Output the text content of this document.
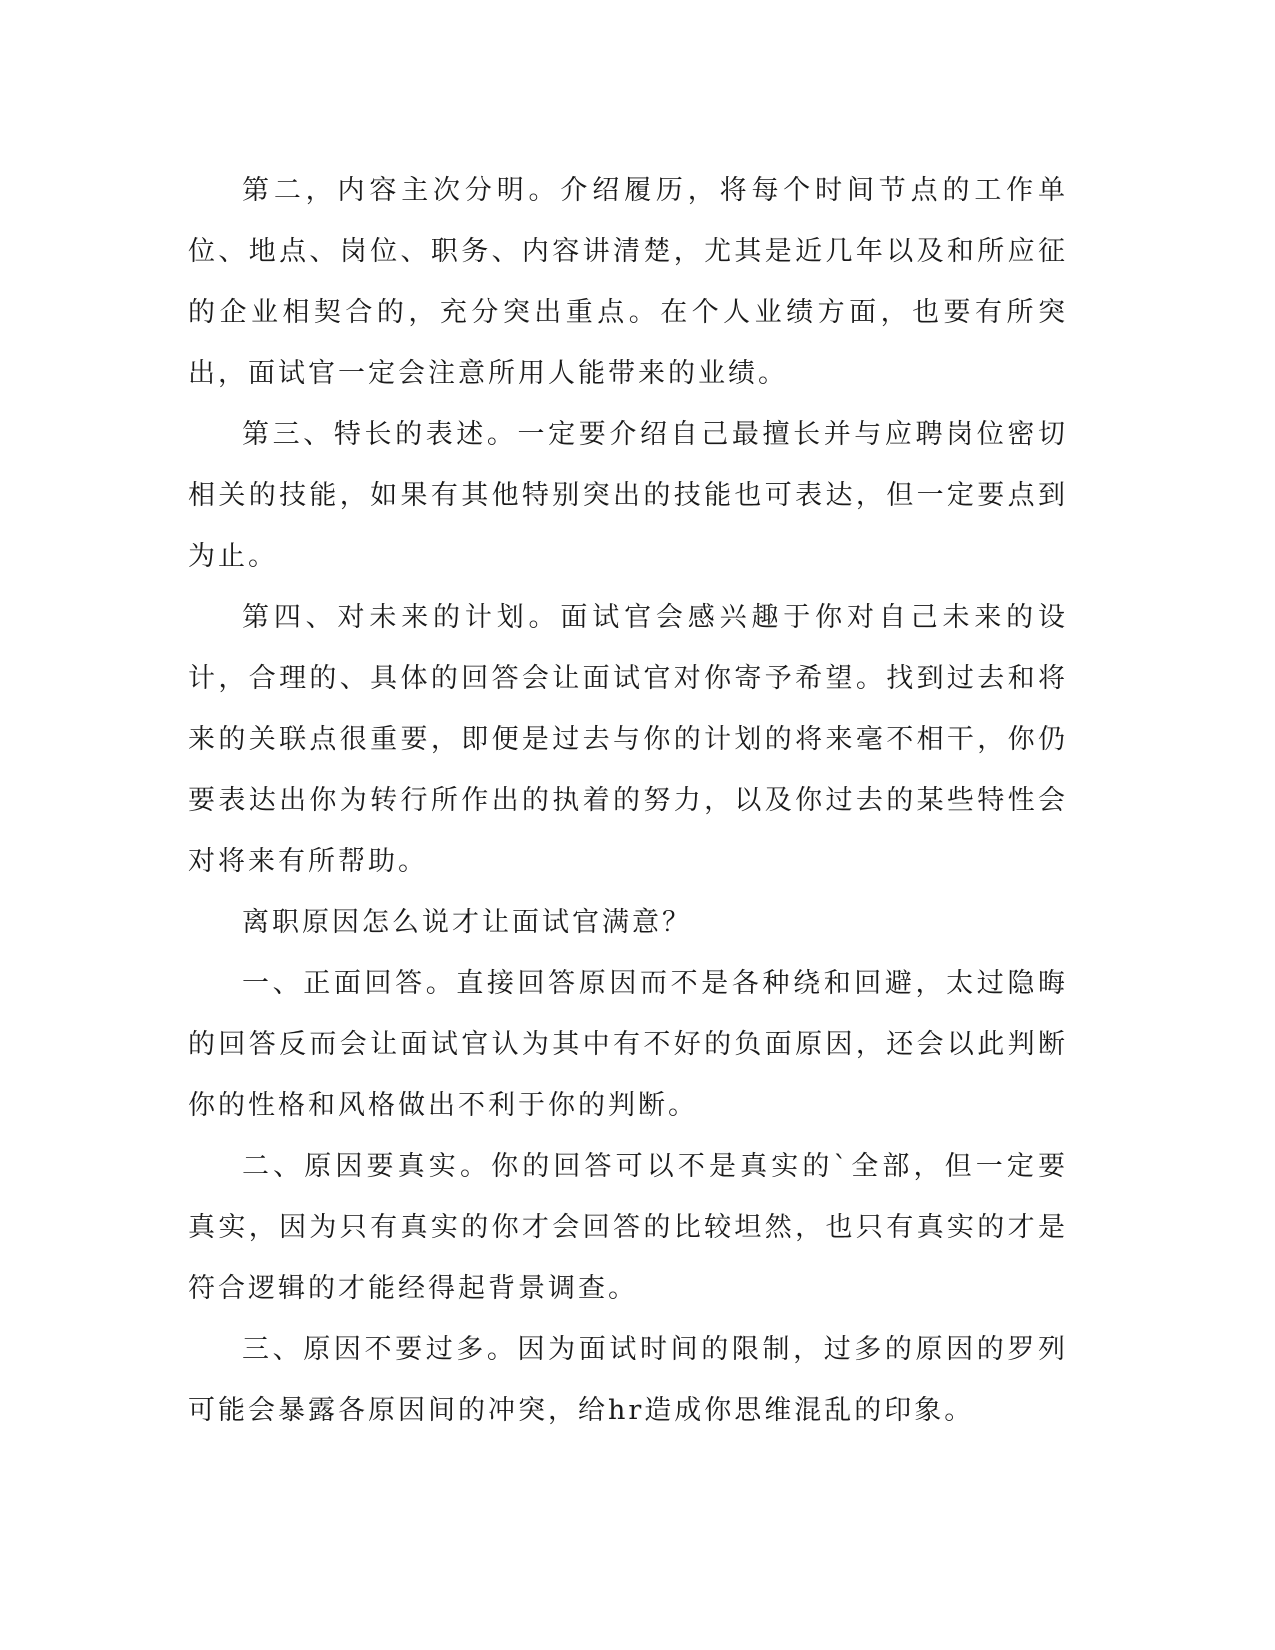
第二，内容主次分明。介绍履历，将每个时间节点的工作单位、地点、岗位、职务、内容讲清楚，尤其是近几年以及和所应征的企业相契合的，充分突出重点。在个人业绩方面，也要有所突出，面试官一定会注意所用人能带来的业绩。

第三、特长的表述。一定要介绍自己最擅长并与应聘岗位密切相关的技能，如果有其他特别突出的技能也可表达，但一定要点到为止。

第四、对未来的计划。面试官会感兴趣于你对自己未来的设计，合理的、具体的回答会让面试官对你寄予希望。找到过去和将来的关联点很重要，即便是过去与你的计划的将来毫不相干，你仍要表达出你为转行所作出的执着的努力，以及你过去的某些特性会对将来有所帮助。

离职原因怎么说才让面试官满意？

一、正面回答。直接回答原因而不是各种绕和回避，太过隐晦的回答反而会让面试官认为其中有不好的负面原因，还会以此判断你的性格和风格做出不利于你的判断。

二、原因要真实。你的回答可以不是真实的`全部，但一定要真实，因为只有真实的你才会回答的比较坦然，也只有真实的才是符合逻辑的才能经得起背景调查。

三、原因不要过多。因为面试时间的限制，过多的原因的罗列可能会暴露各原因间的冲突，给hr造成你思维混乱的印象。
